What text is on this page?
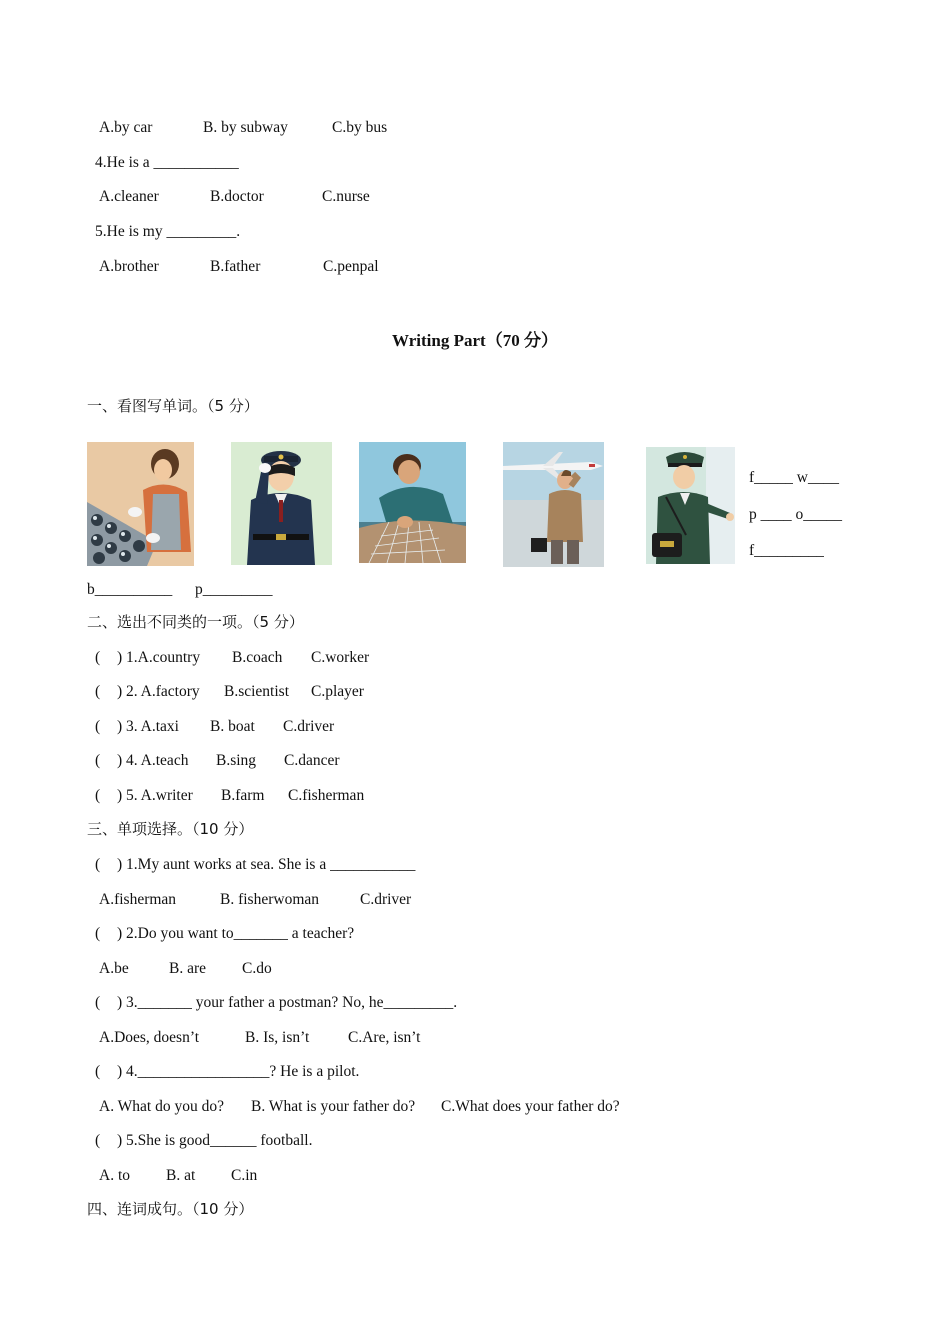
A.by car	B. by subway	C.by bus
4.He is a ___________
A.cleaner	B.doctor	C.nurse
5.He is my _________.
A.brother	B.father	C.penpal
Writing Part（70 分）
一、看图写单词。（5 分）
f_____ w____
p ____ o_____
f_________
b__________ p_________
二、选出不同类的一项。（5 分）
( ) 1.A.country B.coach C.worker
( ) 2. A.factory B.scientist C.player
( ) 3. A.taxi B. boat C.driver
( ) 4. A.teach B.sing C.dancer
( ) 5. A.writer B.farm C.fisherman
三、单项选择。（10 分）
( ) 1.My aunt works at sea. She is a ___________
A.fisherman	B. fisherwoman	C.driver
( ) 2.Do you want to_______ a teacher?
A.be	B. are C.do
( ) 3._______ your father a postman? No, he_________.
A.Does, doesn’t	B. Is, isn’t C.Are, isn’t
( ) 4._________________? He is a pilot.
A. What do you do? B. What is your father do? C.What does your father do?
( ) 5.She is good______ football.
A. to B. at C.in
四、连词成句。（10 分）
